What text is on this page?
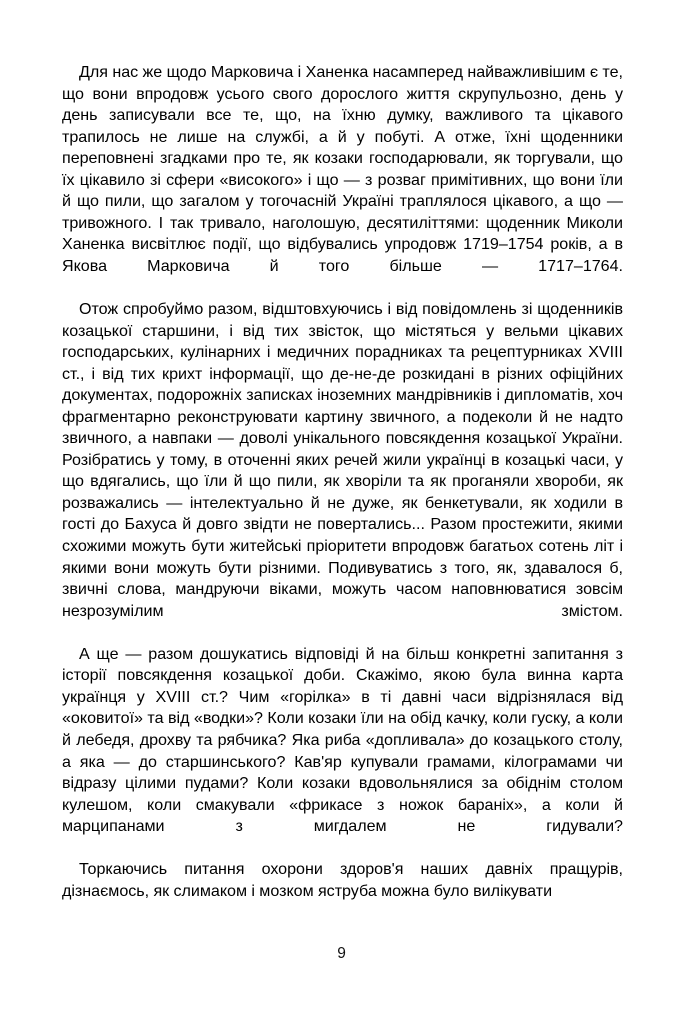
Для нас же щодо Марковича і Ханенка насамперед найважливішим є те, що вони впродовж усього свого дорослого життя скрупульозно, день у день записували все те, що, на їхню думку, важливого та цікавого трапилось не лише на службі, а й у побуті. А отже, їхні щоденники переповнені згадками про те, як козаки господарювали, як торгували, що їх цікавило зі сфери «високого» і що — з розваг примітивних, що вони їли й що пили, що загалом у тогочасній Україні траплялося цікавого, а що — тривожного. І так тривало, наголошую, десятиліттями: щоденник Миколи Ханенка висвітлює події, що відбувались упродовж 1719–1754 років, а в Якова Марковича й того більше — 1717–1764.

Отож спробуймо разом, відштовхуючись і від повідомлень зі щоденників козацької старшини, і від тих звісток, що містяться у вельми цікавих господарських, кулінарних і медичних порадниках та рецептурниках XVIII ст., і від тих крихт інформації, що де-не-де розкидані в різних офіційних документах, подорожніх записках іноземних мандрівників і дипломатів, хоч фрагментарно реконструювати картину звичного, а подеколи й не надто звичного, а навпаки — доволі унікального повсякдення козацької України. Розібратись у тому, в оточенні яких речей жили українці в козацькі часи, у що вдягались, що їли й що пили, як хворіли та як проганяли хвороби, як розважались — інтелектуально й не дуже, як бенкетували, як ходили в гості до Бахуса й довго звідти не повертались... Разом простежити, якими схожими можуть бути житейські пріоритети впродовж багатьох сотень літ і якими вони можуть бути різними. Подивуватись з того, як, здавалося б, звичні слова, мандруючи віками, можуть часом наповнюватися зовсім незрозумілим змістом.

А ще — разом дошукатись відповіді й на більш конкретні запитання з історії повсякдення козацької доби. Скажімо, якою була винна карта українця у XVIII ст.? Чим «горілка» в ті давні часи відрізнялася від «оковитої» та від «водки»? Коли козаки їли на обід качку, коли гуску, а коли й лебедя, дрохву та рябчика? Яка риба «допливала» до козацького столу, а яка — до старшинського? Кав'яр купували грамами, кілограмами чи відразу цілими пудами? Коли козаки вдовольнялися за обіднім столом кулешом, коли смакували «фрикасе з ножок бараніх», а коли й марципанами з мигдалем не гидували?

Торкаючись питання охорони здоров'я наших давніх пращурів, дізнаємось, як слимаком і мозком яструба можна було вилікувати

9
